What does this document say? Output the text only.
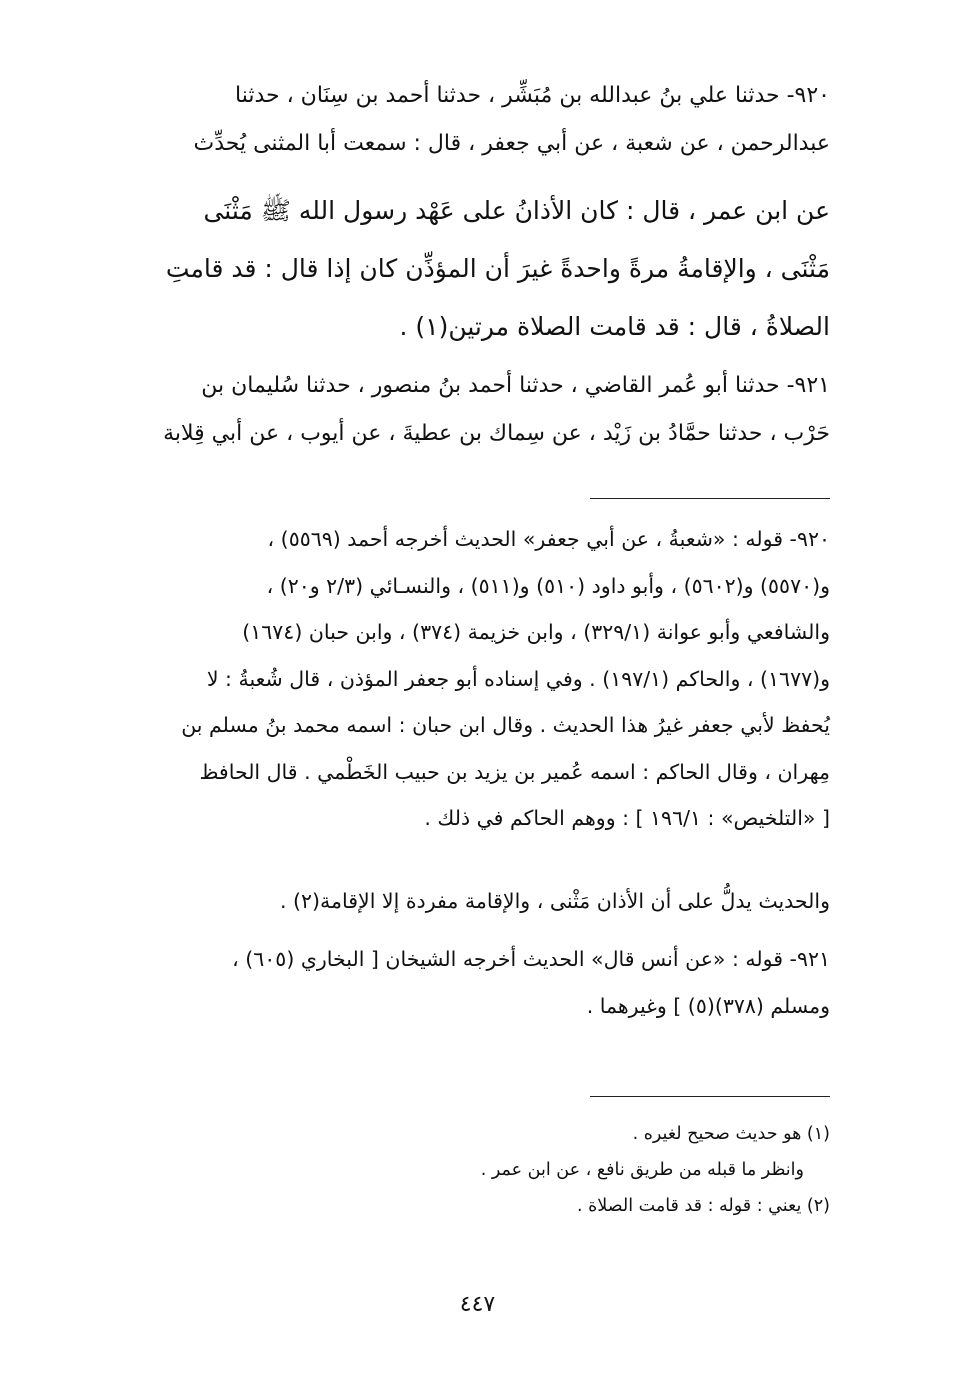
٩٢٠- حدثنا علي بنُ عبدالله بن مُبَشِّر ، حدثنا أحمد بن سِنَان ، حدثنا
عبدالرحمن ، عن شعبة ، عن أبي جعفر ، قال : سمعت أبا المثنى يُحدِّث
عن ابن عمر ، قال : كان الأذانُ على عَهْد رسول الله ﷺ مَثْنَى
مَثْنَى ، والإقامةُ مرةً واحدةً غيرَ أن المؤذِّن كان إذا قال : قد قامتِ
الصلاةُ ، قال : قد قامت الصلاة مرتين(١) .
٩٢١- حدثنا أبو عُمر القاضي ، حدثنا أحمد بنُ منصور ، حدثنا سُليمان بن
حَرْب ، حدثنا حمَّادُ بن زَيْد ، عن سِماك بن عطيةَ ، عن أيوب ، عن أبي قِلابة
٩٢٠- قوله : «شعبةُ ، عن أبي جعفر» الحديث أخرجه أحمد (٥٥٦٩) ،
و(٥٥٧٠) و(٥٦٠٢) ، وأبو داود (٥١٠) و(٥١١) ، والنسـائي (٢/٣ و٢٠) ،
والشافعي وأبو عوانة (٣٢٩/١) ، وابن خزيمة (٣٧٤) ، وابن حبان (١٦٧٤)
و(١٦٧٧) ، والحاكم (١٩٧/١) . وفي إسناده أبو جعفر المؤذن ، قال شُعبةُ : لا
يُحفظ لأبي جعفر غيرُ هذا الحديث . وقال ابن حبان : اسمه محمد بنُ مسلم بن
مِهران ، وقال الحاكم : اسمه عُمير بن يزيد بن حبيب الخَطْمي . قال الحافظ
[ «التلخيص» : ١٩٦/١ ] : ووهم الحاكم في ذلك .
والحديث يدلُّ على أن الأذان مَثْنى ، والإقامة مفردة إلا الإقامة(٢) .
٩٢١- قوله : «عن أنس قال» الحديث أخرجه الشيخان [ البخاري (٦٠٥) ،
ومسلم (٣٧٨)(٥) ] وغيرهما .
(١) هو حديث صحيح لغيره .
وانظر ما قبله من طريق نافع ، عن ابن عمر .
(٢) يعني : قوله : قد قامت الصلاة .
٤٤٧
